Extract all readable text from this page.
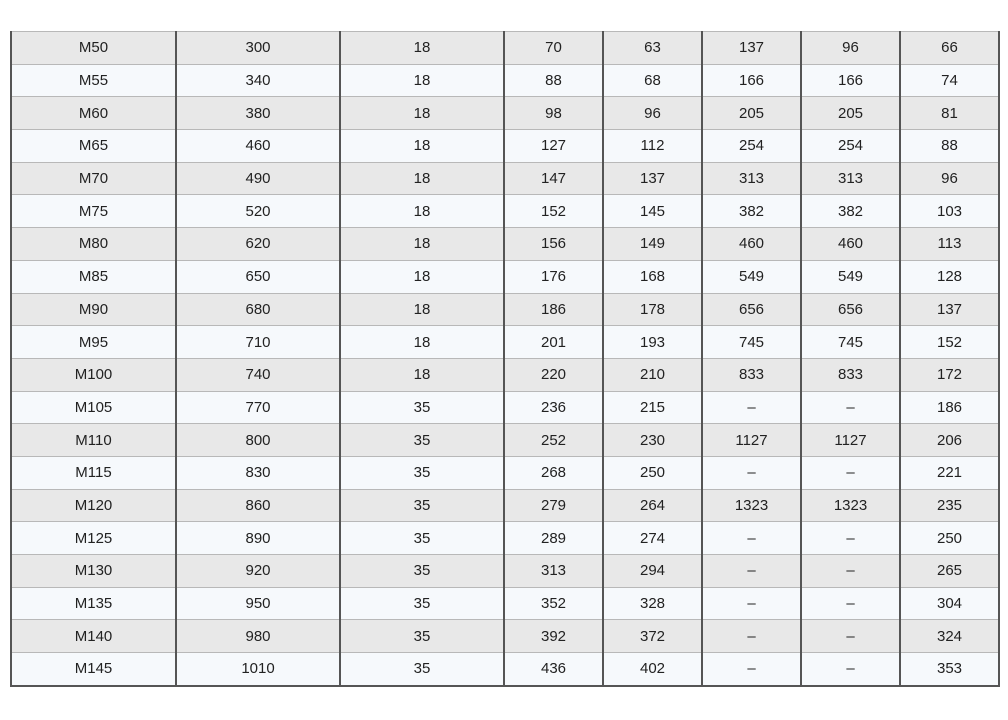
M50	300	18	70	63	137	96	66
M55	340	18	88	68	166	166	74
M60	380	18	98	96	205	205	81
M65	460	18	127	112	254	254	88
M70	490	18	147	137	313	313	96
M75	520	18	152	145	382	382	103
M80	620	18	156	149	460	460	113
M85	650	18	176	168	549	549	128
M90	680	18	186	178	656	656	137
M95	710	18	201	193	745	745	152
M100	740	18	220	210	833	833	172
M105	770	35	236	215	–	–	186
M110	800	35	252	230	1127	1127	206
M115	830	35	268	250	–	–	221
M120	860	35	279	264	1323	1323	235
M125	890	35	289	274	–	–	250
M130	920	35	313	294	–	–	265
M135	950	35	352	328	–	–	304
M140	980	35	392	372	–	–	324
M145	1010	35	436	402	–	–	353
